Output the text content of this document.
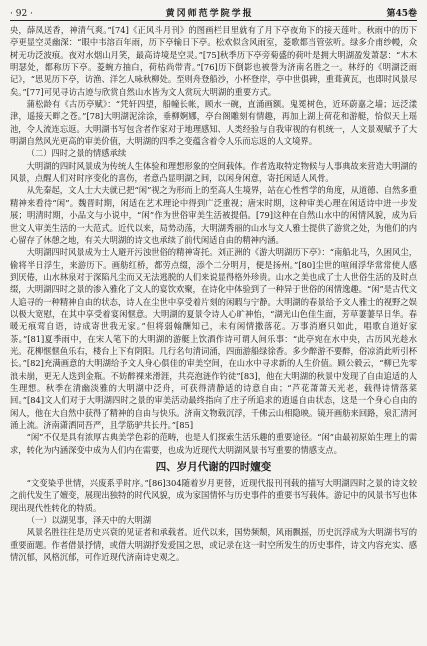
· 92 ·	黄冈师范学院学报	第45卷

央，薛凤送香，神清气爽。”[74]《正风斗月刊》的图画栏目里就有了月下亭夜角下的接天莲叶。秋雨中的历下亭更显空灵幽深：“眼中韦溶百年雨，历下亭输日下亭。松欢似含风雨室，菱歌都当管弦听。绿多介甫纱幔，众树无功泛波痕。夜对水烟山月笑，最高诗境是空灵。”[75]秋季历下亭旁菊盛的荷叶是拥大明湖盈发萧瑟：“木木明瑟处，都称历下亭。菱蜿方抽白，荷枯尚带青。”[76]历下倒影也被誉为济南名胜之一。林纾的《明湖泛雨记》，“思见历下亭，访渔、洋乞人咏秋柳处。至则舟登船沙，小杯登岸，亭中世俱碑，重葺黄瓦，也即时风景尽矣。”[77]可见寻访古迹与欣赏自然山水皆为文人赏玩大明湖的重要方式。

蒲松龄有《古历亭赋》：“凭轩四望，船幢长帐，顾水一碗，直涌画额。鬼冕树色，近环蔚嘉之墙；远泛漾津，遥接天畔之苍。”[78]大明湖泥涂涂，垂柳婀娜，亭台阁雕刻有情趣，再加上湖上荷花和游艇，恰似天上瑶池，令人流连忘返。大明湖书写包含者作家对于地理感知、人类经验与自我审视的有机统一，人文景观赋予了大明湖自然风光更高的审美价值，大明湖的四季之变蕴含着令人乐而忘返的人文境界。

（二）四时之景的情感承续

大明湖的四时风景成为传统人生体验和理想形象的空间载体。作者选取特定物候与人事典故来营造大明湖的风景，点醒人们对时序变化的喜伤，者意凸显明湖之间，以闲身闲意，寄托闲适人风骨。

从先秦起，文人士大夫就已把“闲”视之为形而上的至高人生境界，站在心性哲学的角度，从道德、自然多重精神来看待“闲”。魏晋时期，闲适在艺术理论中得到广泛重视；唐宋时期，这种审美心理在闲适诗中进一步发展；明清时期，小品文与小说中，“闲”作为世俗审美生活被提倡。[79]这种在自然山水中的闲情风貌，成为后世文人审美生活的一大范式。近代以来，局势动荡，大明湖秀丽的山水与文人雅士提供了游赏之处，为他们的内心留存了休憩之地，有关大明湖的诗文也承续了前代闲适自由的精神内涵。

大明湖四时风景成为士人避开污浊世俗的精神寄托。刘正洲的《游大明湖历下亭》：“南船北马，久困风尘，偷将半日浮生，来游历下。画舫红桥，都劳点缀，添个二分明月，便是扬州。”[80]尘世的喧闹浮华常常使人感到厌倦，山水林泉对于深陷凡尘而又无法逃脱的人们来说显得格外珍贵。山水之美也成了士人世俗生活的及时点缀，大明湖四时之景的渗入雅化了文人的宴饮欢聚，在诗化中体验到了一种异于世俗的闲情逸趣。“闲”是古代文人追寻的一种精神自由的状态，诗人在尘世中享受着片刻的闲暇与宁静。大明湖的春景给予文人雅士的视野之娱以极大宽慰，在其中享受着宴闲惬意。大明湖的夏景令诗人心旷神怡，“湖光山色佳生面，芳草萋萋早日华。春暖无痕莺自语，诗成寄世我无家。”但将弱翰酬知己，未有闲情撒落花。万事消磨只如此，唱歌自道好家茶。”[81]夏季雨中，在宋人笔下的大明湖的游艇上饮酒作诗可谓人间乐事：“此亭宛在水中央，古历风光趁水光。花柳惬惬鱼乐右，楼台上下有阴阳。几行名句清词涌，四面游船绿徐香。多少醉游不要醉，俗凉消此听引杯长。”[82]充满画意的大明湖给予文人身心俱佳的审美空间，在山水中寻求新的人生价值。顾公毅云，“柳已先零浪未崩，更无人迭到金瓶。不妨醉裸来滑涯，共亮泡涟作钓徒”[83]，他在大明湖的秋景中发现了自由追适的人生理想。秋季在清幽淡雅的大明湖中泛舟，可获得清静适的诗意自由；“芦花萧萧天光老，载得诗情落菜回。”[84]文人们对于大明湖四时之景的审美活动最终指向了庄子所追求的逍遥自由状态，这是一个身心自由的闲人，他在大自然中获得了精神的自由与快乐。济南文物载沉浮，千佛云山相隐映。镜开画舫来回路，泉汇清河涌上流。济南潇洒同吾严，且学筋驴共长丹。”[85]

“闲”不仅是具有浓厚古典美学色彩的范畴，也是人们探索生活乐趣的重要途径。“闲”由最初原始生理上的需求，转化为内涵深变中成为人们内在需要，也成为近现代大明湖风景书写重要的情感支点。

四、岁月代谢的四时嬗变

“文变染乎世情，兴废系乎时序。”[86]304随着岁月更替，近现代报刊刊载的描写大明湖四时之景的诗文较之前代发生了嬗变，展现出独特的时代风貌，成为家国情怀与历史事件的重要书写载体。游记中的风景书写也体现出现代性转化的特质。

（一）以湖见事，泽天中的大明湖

风景名胜往往是历史兴衰的见证者和承载者。近代以来，国势频颓，风雨飘摇，历史沉浮成为大明湖书写的重要面题。作者借景抒情，或借大明湖抒发爱国之思，或记录在这一时空所发生的历史事件，诗文内容充实、感情沉郁，风格沉郁，可作近现代济南诗史观之。
